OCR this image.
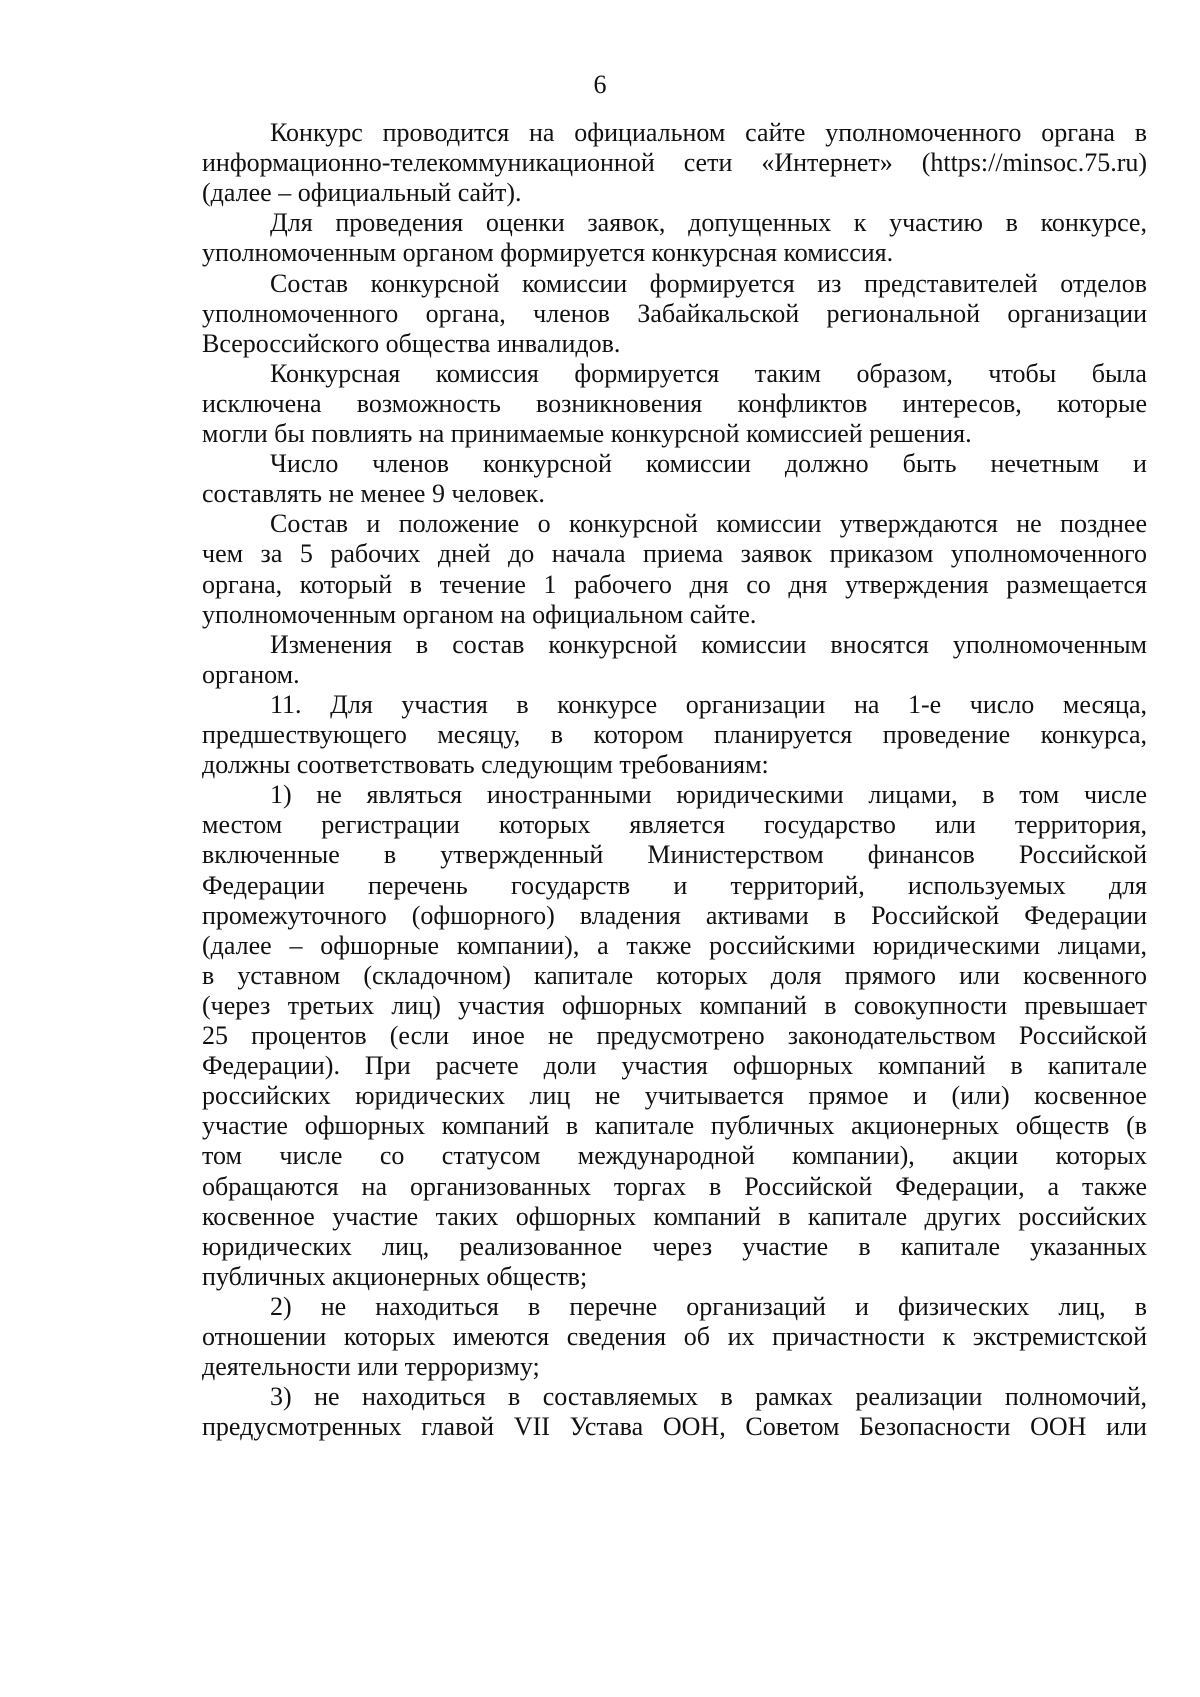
6
Конкурс проводится на официальном сайте уполномоченного органа в
информационно-телекоммуникационной сети «Интернет» (https://minsoc.75.ru)
(далее – официальный сайт).
Для проведения оценки заявок, допущенных к участию в конкурсе,
уполномоченным органом формируется конкурсная комиссия.
Состав конкурсной комиссии формируется из представителей отделов
уполномоченного органа, членов Забайкальской региональной организации
Всероссийского общества инвалидов.
Конкурсная комиссия формируется таким образом, чтобы была
исключена возможность возникновения конфликтов интересов, которые
могли бы повлиять на принимаемые конкурсной комиссией решения.
Число членов конкурсной комиссии должно быть нечетным и
составлять не менее 9 человек.
Состав и положение о конкурсной комиссии утверждаются не позднее
чем за 5 рабочих дней до начала приема заявок приказом уполномоченного
органа, который в течение 1 рабочего дня со дня утверждения размещается
уполномоченным органом на официальном сайте.
Изменения в состав конкурсной комиссии вносятся уполномоченным
органом.
11. Для участия в конкурсе организации на 1-е число месяца,
предшествующего месяцу, в котором планируется проведение конкурса,
должны соответствовать следующим требованиям:
1) не являться иностранными юридическими лицами, в том числе
местом регистрации которых является государство или территория,
включенные в утвержденный Министерством финансов Российской
Федерации перечень государств и территорий, используемых для
промежуточного (офшорного) владения активами в Российской Федерации
(далее – офшорные компании), а также российскими юридическими лицами,
в уставном (складочном) капитале которых доля прямого или косвенного
(через третьих лиц) участия офшорных компаний в совокупности превышает
25 процентов (если иное не предусмотрено законодательством Российской
Федерации). При расчете доли участия офшорных компаний в капитале
российских юридических лиц не учитывается прямое и (или) косвенное
участие офшорных компаний в капитале публичных акционерных обществ (в
том числе со статусом международной компании), акции которых
обращаются на организованных торгах в Российской Федерации, а также
косвенное участие таких офшорных компаний в капитале других российских
юридических лиц, реализованное через участие в капитале указанных
публичных акционерных обществ;
2) не находиться в перечне организаций и физических лиц, в
отношении которых имеются сведения об их причастности к экстремистской
деятельности или терроризму;
3) не находиться в составляемых в рамках реализации полномочий,
предусмотренных главой VII Устава ООН, Советом Безопасности ООН или
